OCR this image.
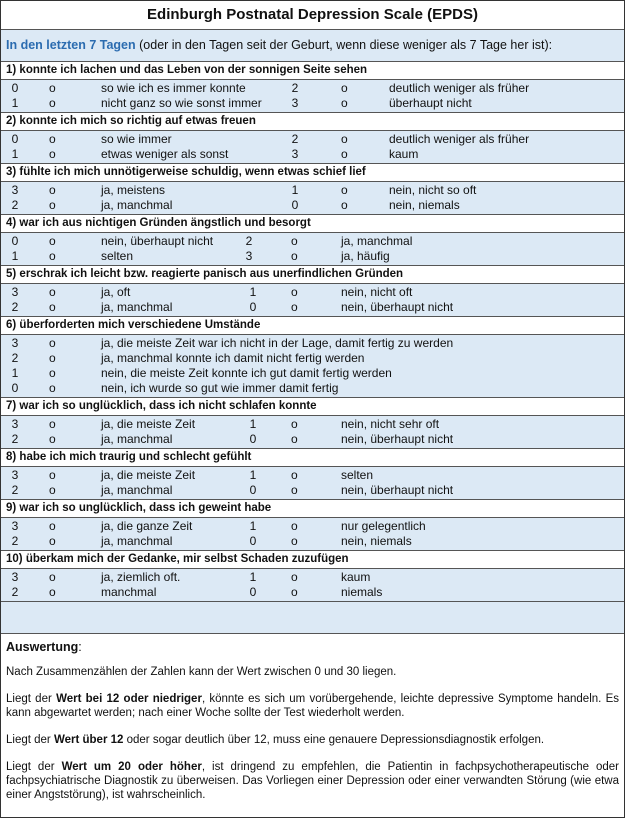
Edinburgh Postnatal Depression Scale (EPDS)
In den letzten 7 Tagen (oder in den Tagen seit der Geburt, wenn diese weniger als 7 Tage her ist):
1) konnte ich lachen und das Leben von der sonnigen Seite sehen
0	o	so wie ich es immer konnte	2	o	deutlich weniger als früher
1	o	nicht ganz so wie sonst immer 3	o	überhaupt nicht
2) konnte ich mich so richtig auf etwas freuen
0	o	so wie immer	2	o	deutlich weniger als früher
1	o	etwas weniger als sonst	3	o	kaum
3) fühlte ich mich unnötigerweise schuldig, wenn etwas schief lief
3	o	ja, meistens	1	o	nein, nicht so oft
2	o	ja, manchmal	0	o	nein, niemals
4) war ich aus nichtigen Gründen ängstlich und besorgt
0	o	nein, überhaupt nicht	2	o	ja, manchmal
1	o	selten	3	o	ja, häufig
5) erschrak ich leicht bzw. reagierte panisch aus unerfindlichen Gründen
3	o	ja, oft	1	o	nein, nicht oft
2	o	ja, manchmal	0	o	nein, überhaupt nicht
6) überforderten mich verschiedene Umstände
3	o	ja, die meiste Zeit war ich nicht in der Lage, damit fertig zu werden
2	o	ja, manchmal konnte ich damit nicht fertig werden
1	o	nein, die meiste Zeit konnte ich gut damit fertig werden
0	o	nein, ich wurde so gut wie immer damit fertig
7) war ich so unglücklich, dass ich nicht schlafen konnte
3	o	ja, die meiste Zeit	1	o	nein, nicht sehr oft
2	o	ja, manchmal	0	o	nein, überhaupt nicht
8) habe ich mich traurig und schlecht gefühlt
3	o	ja, die meiste Zeit	1	o	selten
2	o	ja, manchmal	0	o	nein, überhaupt nicht
9) war ich so unglücklich, dass ich geweint habe
3	o	ja, die ganze Zeit	1	o	nur gelegentlich
2	o	ja, manchmal	0	o	nein, niemals
10) überkam mich der Gedanke, mir selbst Schaden zuzufügen
3	o	ja, ziemlich oft.	1	o	kaum
2	o	manchmal	0	o	niemals
Auswertung:

Nach Zusammenzählen der Zahlen kann der Wert zwischen 0 und 30 liegen.

Liegt der Wert bei 12 oder niedriger, könnte es sich um vorübergehende, leichte depressive Symptome handeln. Es kann abgewartet werden; nach einer Woche sollte der Test wiederholt werden.

Liegt der Wert über 12 oder sogar deutlich über 12, muss eine genauere Depressionsdiagnostik erfolgen.

Liegt der Wert um 20 oder höher, ist dringend zu empfehlen, die Patientin in fachpsychotherapeutische oder fachpsychiatrische Diagnostik zu überweisen. Das Vorliegen einer Depression oder einer verwandten Störung (wie etwa einer Angststörung), ist wahrscheinlich.
